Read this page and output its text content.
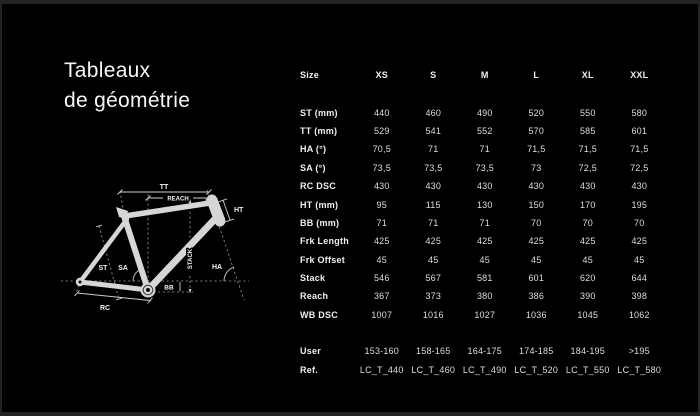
Tableaux
de géométrie
TT
REACH
HT
ST SA	STACK	HA
BB
RC
Size	XS	S	M	L	XL	XXL
ST (mm)	440	460	490	520	550	580
TT (mm)	529	541	552	570	585	601
HA (°)	70,5	71	71	71,5	71,5	71,5
SA (°)	73,5	73,5	73,5	73	72,5	72,5
RC DSC	430	430	430	430	430	430
HT (mm)	95	115	130	150	170	195
BB (mm)	71	71	71	70	70	70
Frk Length	425	425	425	425	425	425
Frk Offset	45	45	45	45	45	45
Stack	546	567	581	601	620	644
Reach	367	373	380	386	390	398
WB DSC	1007	1016	1027	1036	1045	1062
User	153-160	158-165	164-175	174-185	184-195	>195
Ref.	LC_T_440 LC_T_460 LC_T_490 LC_T_520 LC_T_550 LC_T_580
